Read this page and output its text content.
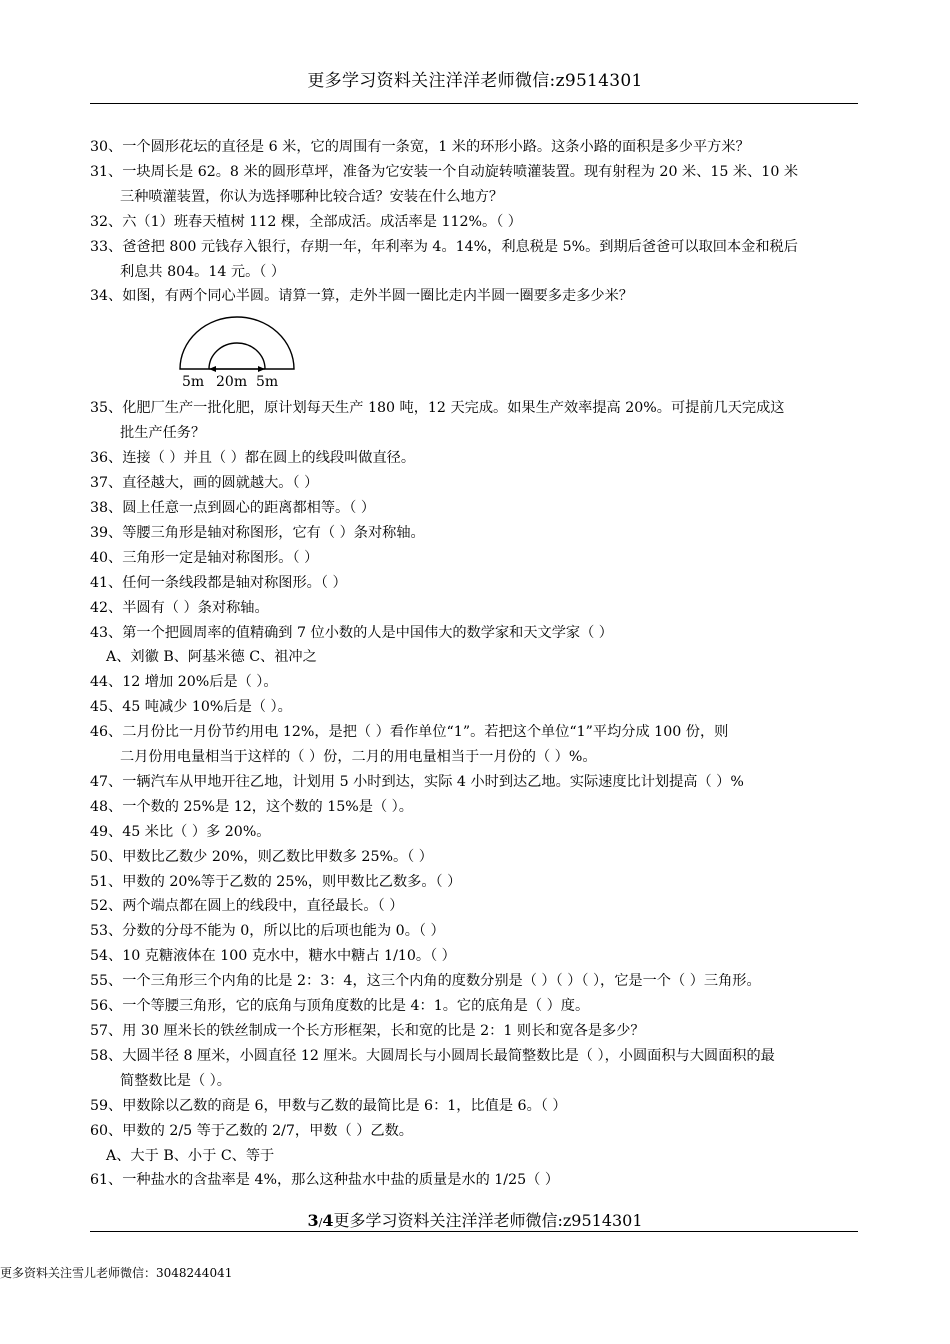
更多学习资料关注洋洋老师微信:z9514301

30、一个圆形花坛的直径是 6 米，它的周围有一条宽，1 米的环形小路。这条小路的面积是多少平方米？

31、一块周长是 62。8 米的圆形草坪，准备为它安装一个自动旋转喷灌装置。现有射程为 20 米、15 米、10 米

三种喷灌装置，你认为选择哪种比较合适？安装在什么地方？

32、六（1）班春天植树 112 棵，全部成活。成活率是 112%。（ ）

33、爸爸把 800 元钱存入银行，存期一年，年利率为 4。14%，利息税是 5%。到期后爸爸可以取回本金和税后

利息共 804。14 元。（ ）

34、如图，有两个同心半圆。请算一算，走外半圆一圈比走内半圆一圈要多走多少米？

5m 20m 5m

35、化肥厂生产一批化肥，原计划每天生产 180 吨，12 天完成。如果生产效率提高 20%。可提前几天完成这

批生产任务？

36、连接（ ）并且（ ）都在圆上的线段叫做直径。

37、直径越大，画的圆就越大。（ ）

38、圆上任意一点到圆心的距离都相等。（ ）

39、等腰三角形是轴对称图形，它有（ ）条对称轴。

40、三角形一定是轴对称图形。（ ）

41、任何一条线段都是轴对称图形。（ ）

42、半圆有（ ）条对称轴。

43、第一个把圆周率的值精确到 7 位小数的人是中国伟大的数学家和天文学家（ ）

A、刘徽 B、阿基米德 C、祖冲之

44、12 增加 20%后是（ ）。

45、45 吨减少 10%后是（ ）。

46、二月份比一月份节约用电 12%，是把（ ）看作单位“1”。若把这个单位“1”平均分成 100 份，则

二月份用电量相当于这样的（ ）份，二月的用电量相当于一月份的（ ）%。

47、一辆汽车从甲地开往乙地，计划用 5 小时到达，实际 4 小时到达乙地。实际速度比计划提高（ ）%

48、一个数的 25%是 12，这个数的 15%是（ ）。

49、45 米比（ ）多 20%。

50、甲数比乙数少 20%，则乙数比甲数多 25%。（ ）

51、甲数的 20%等于乙数的 25%，则甲数比乙数多。（ ）

52、两个端点都在圆上的线段中，直径最长。（ ）

53、分数的分母不能为 0，所以比的后项也能为 0。（ ）

54、10 克糖液体在 100 克水中，糖水中糖占 1/10。（ ）

55、一个三角形三个内角的比是 2：3：4，这三个内角的度数分别是（ ）（ ）（ ），它是一个（ ）三角形。

56、一个等腰三角形，它的底角与顶角度数的比是 4：1。它的底角是（ ）度。

57、用 30 厘米长的铁丝制成一个长方形框架，长和宽的比是 2：1 则长和宽各是多少？

58、大圆半径 8 厘米，小圆直径 12 厘米。大圆周长与小圆周长最简整数比是（ ），小圆面积与大圆面积的最

简整数比是（ ）。

59、甲数除以乙数的商是 6，甲数与乙数的最简比是 6：1，比值是 6。（ ）

60、甲数的 2/5 等于乙数的 2/7，甲数（ ）乙数。

A、大于 B、小于 C、等于

61、一种盐水的含盐率是 4%，那么这种盐水中盐的质量是水的 1/25（ ）

3/4更多学习资料关注洋洋老师微信:z9514301
更多资料关注雪儿老师微信：3048244041
